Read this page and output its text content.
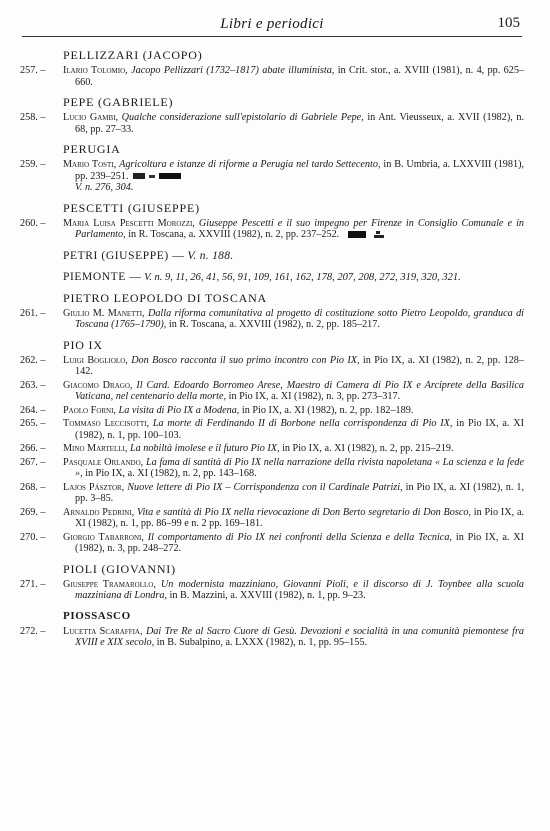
Libri e periodici	105
PELLIZZARI (JACOPO)
257. –	Ilario Tolomio, Jacopo Pellizzari (1732–1817) abate illuminista, in Crit. stor., a. XVIII (1981), n. 4, pp. 625–660.
PEPE (GABRIELE)
258. –	Lucio Gambi, Qualche considerazione sull'epistolario di Gabriele Pepe, in Ant. Vieusseux, a. XVII (1982), n. 68, pp. 27–33.
PERUGIA
259. –	Mario Tosti, Agricoltura e istanze di riforme a Perugia nel tardo Settecento, in B. Umbria, a. LXXVIII (1981), pp. 239–251.
V. n. 276, 304.
PESCETTI (GIUSEPPE)
260. –	Maria Luisa Pescetti Morozzi, Giuseppe Pescetti e il suo impegno per Firenze in Consiglio Comunale e in Parlamento, in R. Toscana, a. XXVIII (1982), n. 2, pp. 237–252.
PETRI (GIUSEPPE) — V. n. 188.
PIEMONTE — V. n. 9, 11, 26, 41, 56, 91, 109, 161, 162, 178, 207, 208, 272, 319, 320, 321.
PIETRO LEOPOLDO DI TOSCANA
261. –	Giulio M. Manetti, Dalla riforma comunitativa al progetto di costituzione sotto Pietro Leopoldo, granduca di Toscana (1765–1790), in R. Toscana, a. XXVIII (1982), n. 2, pp. 185–217.
PIO IX
262. –	Luigi Bogliolo, Don Bosco racconta il suo primo incontro con Pio IX, in Pio IX, a. XI (1982), n. 2, pp. 128–142.
263. –	Giacomo Drago, Il Card. Edoardo Borromeo Arese, Maestro di Camera di Pio IX e Arciprete della Basilica Vaticana, nel centenario della morte, in Pio IX, a. XI (1982), n. 3, pp. 273–317.
264. –	Paolo Forni, La visita di Pio IX a Modena, in Pio IX, a. XI (1982), n. 2, pp. 182–189.
265. –	Tommaso Leccisotti, La morte di Ferdinando II di Borbone nella corrispondenza di Pio IX, in Pio IX, a. XI (1982), n. 1, pp. 100–103.
266. –	Mino Martelli, La nobiltà imolese e il futuro Pio IX, in Pio IX, a. XI (1982), n. 2, pp. 215–219.
267. –	Pasquale Orlando, La fama di santità di Pio IX nella narrazione della rivista napoletana « La scienza e la fede », in Pio IX, a. XI (1982), n. 2, pp. 143–168.
268. –	Lajos Pásztor, Nuove lettere di Pio IX – Corrispondenza con il Cardinale Patrizi, in Pio IX, a. XI (1982), n. 1, pp. 3–85.
269. –	Arnaldo Pedrini, Vita e santità di Pio IX nella rievocazione di Don Berto segretario di Don Bosco, in Pio IX, a. XI (1982), n. 1, pp. 86–99 e n. 2 pp. 169–181.
270. –	Giorgio Tabarroni, Il comportamento di Pio IX nei confronti della Scienza e della Tecnica, in Pio IX, a. XI (1982), n. 3, pp. 248–272.
PIOLI (GIOVANNI)
271. –	Giuseppe Tramarollo, Un modernista mazziniano, Giovanni Pioli, e il discorso di J. Toynbee alla scuola mazziniana di Londra, in B. Mazzini, a. XXVIII (1982), n. 1, pp. 9–23.
PIOSSASCO
272. –	Lucetta Scaraffia, Dai Tre Re al Sacro Cuore di Gesù. Devozioni e socialità in una comunità piemontese fra XVIII e XIX secolo, in B. Subalpino, a. LXXX (1982), n. 1, pp. 95–155.
